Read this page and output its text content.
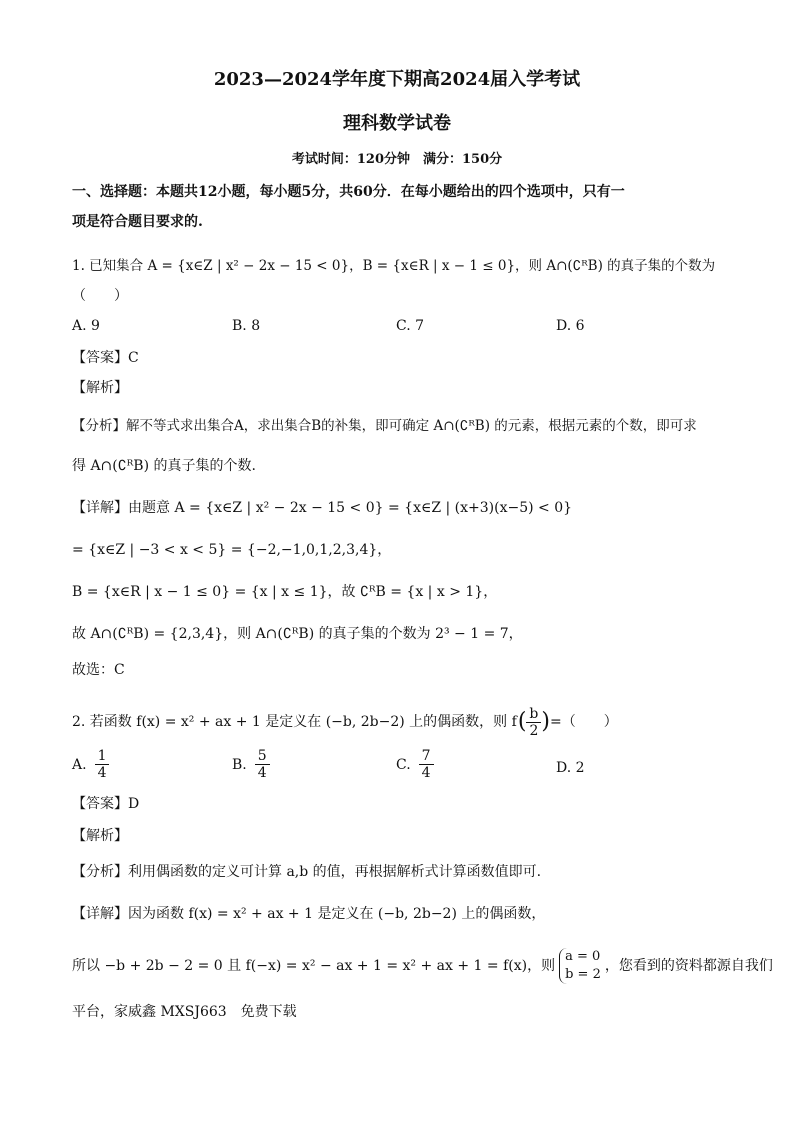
2023—2024学年度下期高2024届入学考试
理科数学试卷
考试时间：120分钟　满分：150分
一、选择题：本题共12小题，每小题5分，共60分．在每小题给出的四个选项中，只有一
项是符合题目要求的.
1. 已知集合 A = {x∈Z | x² − 2x − 15 < 0}，B = {x∈R | x − 1 ≤ 0}，则 A∩(∁ᴿB) 的真子集的个数为
（　　）
A. 9	B. 8	C. 7	D. 6
【答案】C
【解析】
【分析】解不等式求出集合A，求出集合B的补集，即可确定 A∩(∁ᴿB) 的元素，根据元素的个数，即可求
得 A∩(∁ᴿB) 的真子集的个数.
【详解】由题意 A = {x∈Z | x² − 2x − 15 < 0} = {x∈Z | (x+3)(x−5) < 0}
= {x∈Z | −3 < x < 5} = {−2,−1,0,1,2,3,4}，
B = {x∈R | x − 1 ≤ 0} = {x | x ≤ 1}，故 ∁ᴿB = {x | x > 1}，
故 A∩(∁ᴿB) = {2,3,4}，则 A∩(∁ᴿB) 的真子集的个数为 2³ − 1 = 7，
故选：C
2. 若函数 f(x) = x² + ax + 1 是定义在 (−b, 2b−2) 上的偶函数，则 f ( $\frac{b}{2}$ ) =（　　）
A. $\frac{1}{4}$	B. $\frac{5}{4}$	C. $\frac{7}{4}$	D. 2
【答案】D
【解析】
【分析】利用偶函数的定义可计算 a,b 的值，再根据解析式计算函数值即可.
【详解】因为函数 f(x) = x² + ax + 1 是定义在 (−b, 2b−2) 上的偶函数，
所以 −b + 2b − 2 = 0 且 f(−x) = x² − ax + 1 = x² + ax + 1 = f(x)，则
a = 0
b = 2
，您看到的资料都源自我们
平台，家威鑫 MXSJ663　免费下载
